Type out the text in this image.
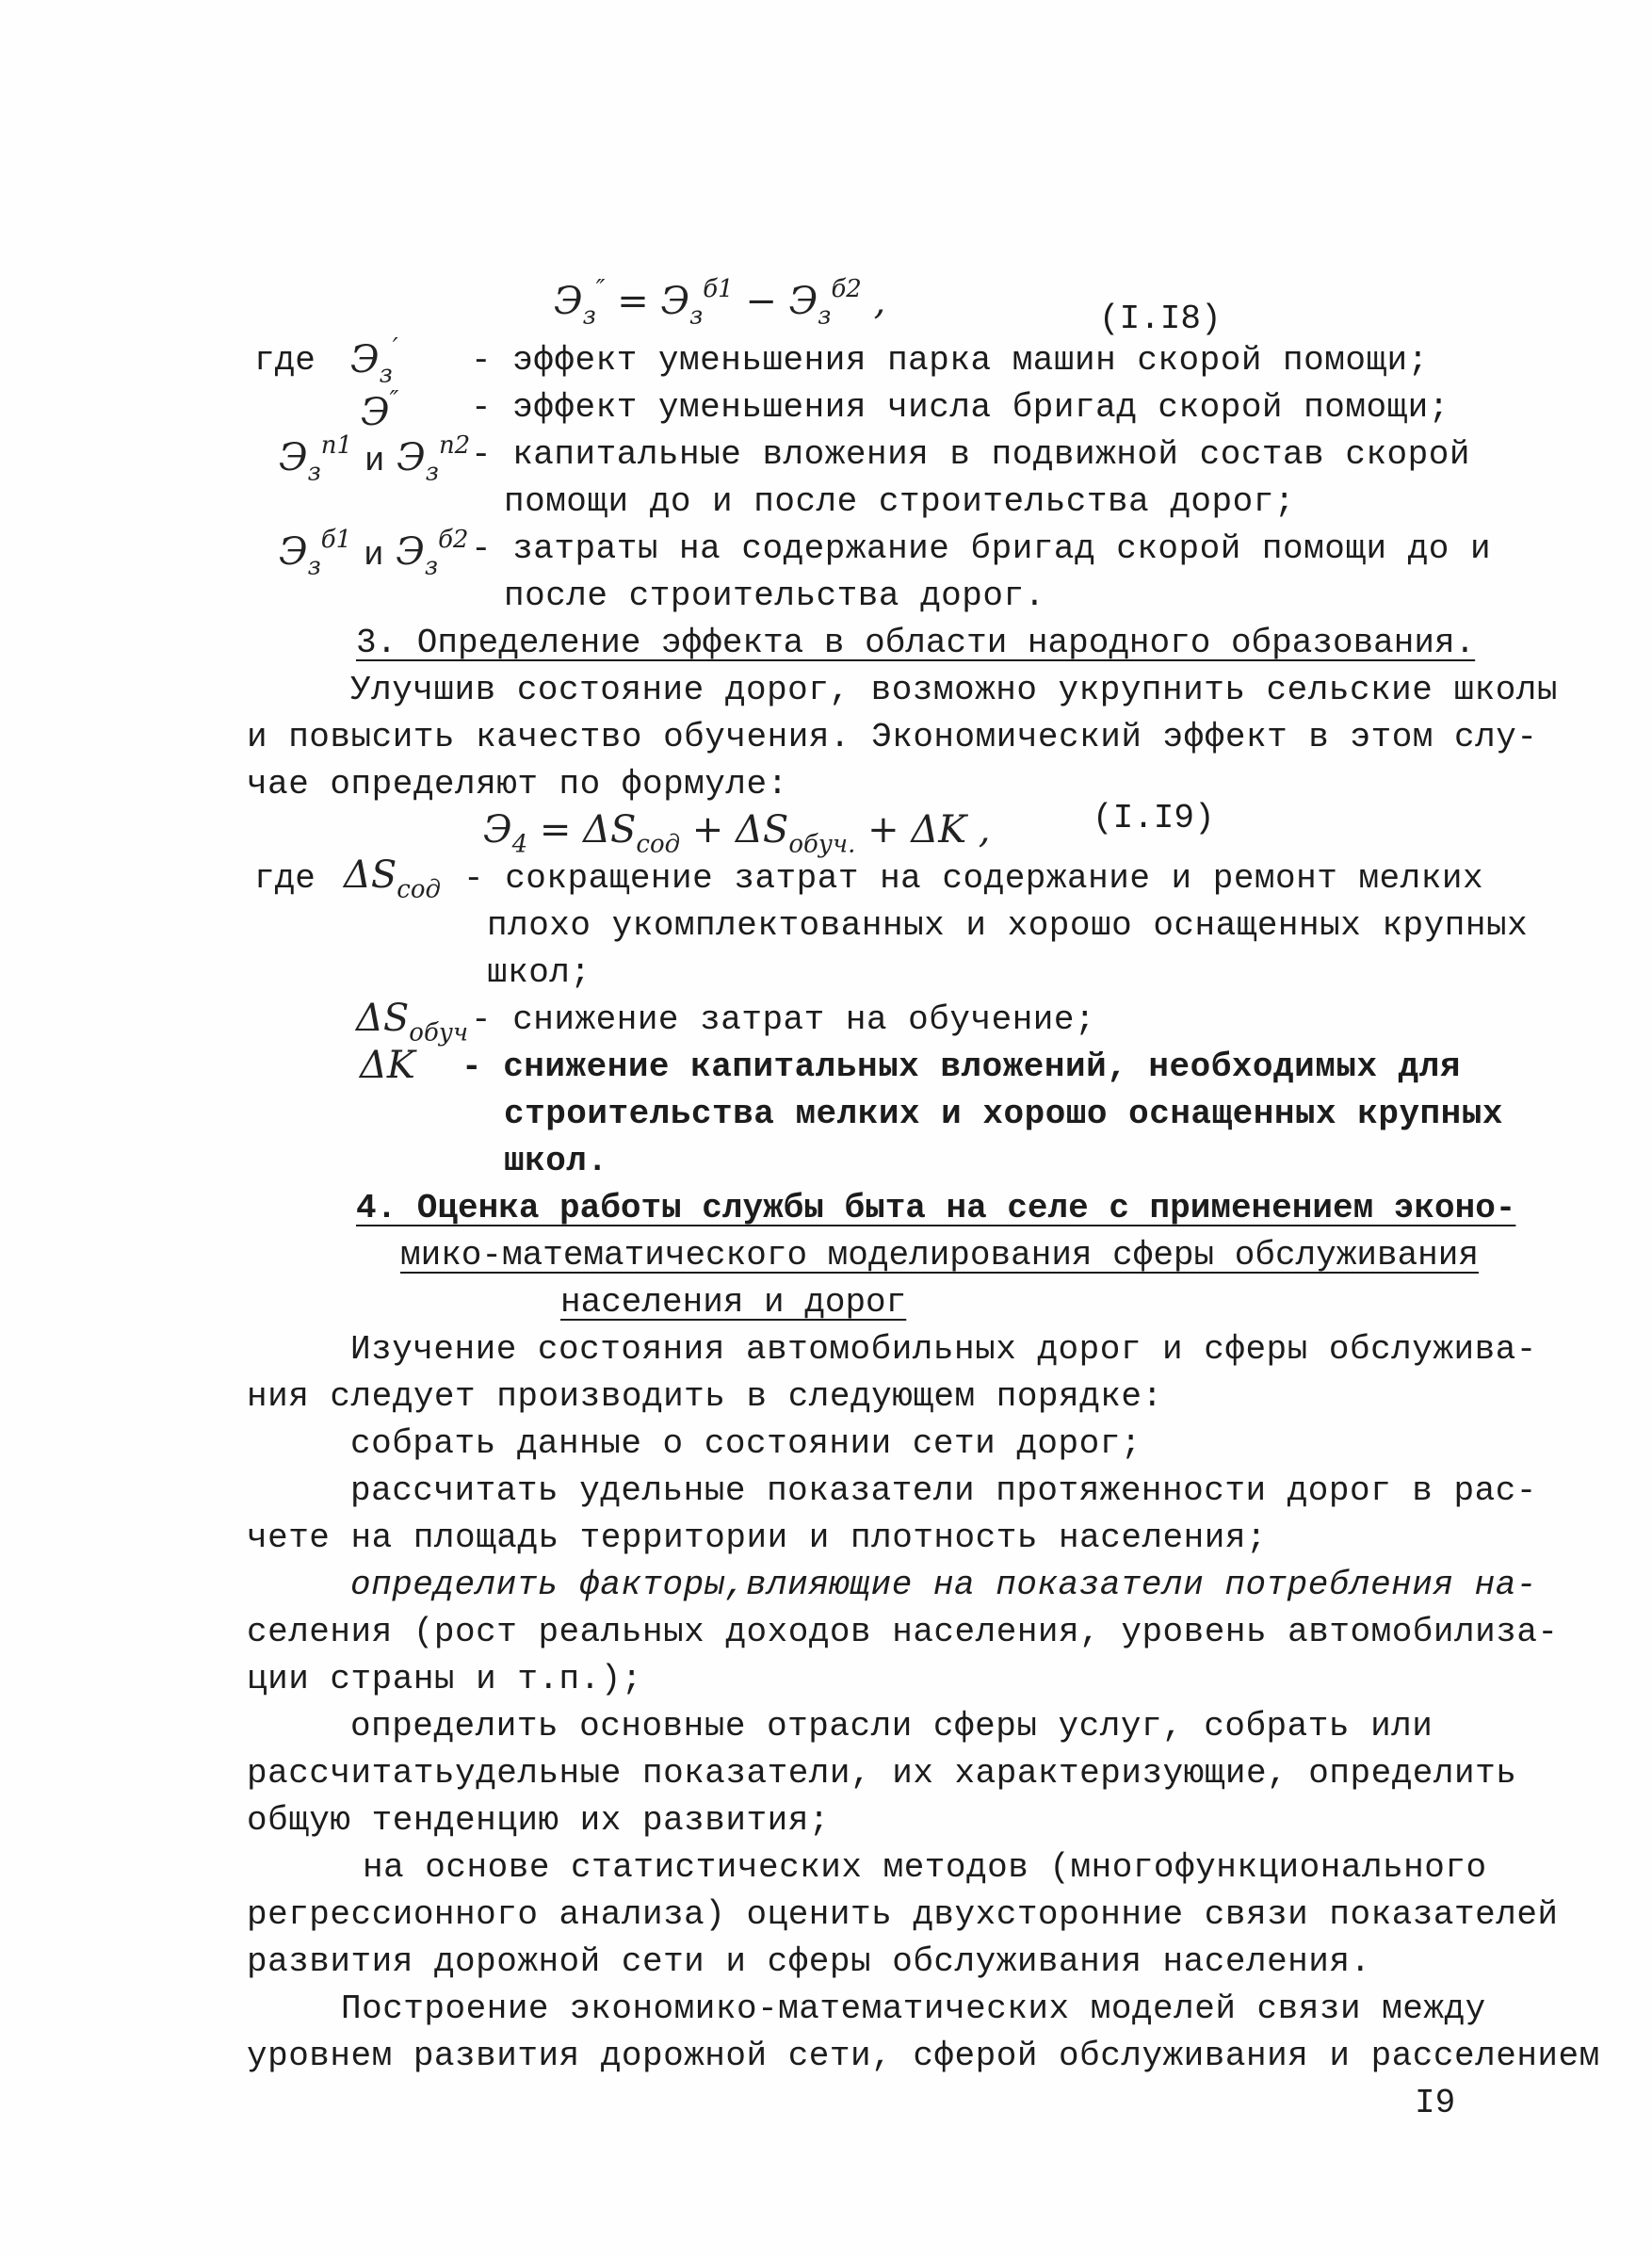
$Э_з'' = Э_з^{б1} - Э_з^{б2}$ ,	(I.I8)
где $Э_з'$ - эффект уменьшения парка машин скорой помощи;
Э″ - эффект уменьшения числа бригад скорой помощи;
$Э_з^{п1}$ и $Э_з^{п2}$ - капитальные вложения в подвижной состав скорой
помощи до и после строительства дорог;
$Э_з^{б1}$ и $Э_з^{б2}$ - затраты на содержание бригад скорой помощи до и
после строительства дорог.
3. Определение эффекта в области народного образования.
Улучшив состояние дорог, возможно укрупнить сельские школы
и повысить качество обучения. Экономический эффект в этом слу-
чае определяют по формуле:
$Э_4 = \Delta S_{сод} + \Delta S_{обуч.} + \Delta K$ ,	(I.I9)
где $\Delta S_{сод}$ - сокращение затрат на содержание и ремонт мелких
плохо укомплектованных и хорошо оснащенных крупных
школ;
$\Delta S_{обуч}$ - снижение затрат на обучение;
ΔK - снижение капитальных вложений, необходимых для
строительства мелких и хорошо оснащенных крупных
школ.
4. Оценка работы службы быта на селе с применением эконо-
мико-математического моделирования сферы обслуживания
населения и дорог
Изучение состояния автомобильных дорог и сферы обслужива-
ния следует производить в следующем порядке:
собрать данные о состоянии сети дорог;
рассчитать удельные показатели протяженности дорог в рас-
чете на площадь территории и плотность населения;
определить факторы,влияющие на показатели потребления на-
селения (рост реальных доходов населения, уровень автомобилиза-
ции страны и т.п.);
определить основные отрасли сферы услуг, собрать или
рассчитатьудельные показатели, их характеризующие, определить
общую тенденцию их развития;
на основе статистических методов (многофункционального
регрессионного анализа) оценить двухсторонние связи показателей
развития дорожной сети и сферы обслуживания населения.
Построение экономико-математических моделей связи между
уровнем развития дорожной сети, сферой обслуживания и расселением
I9
